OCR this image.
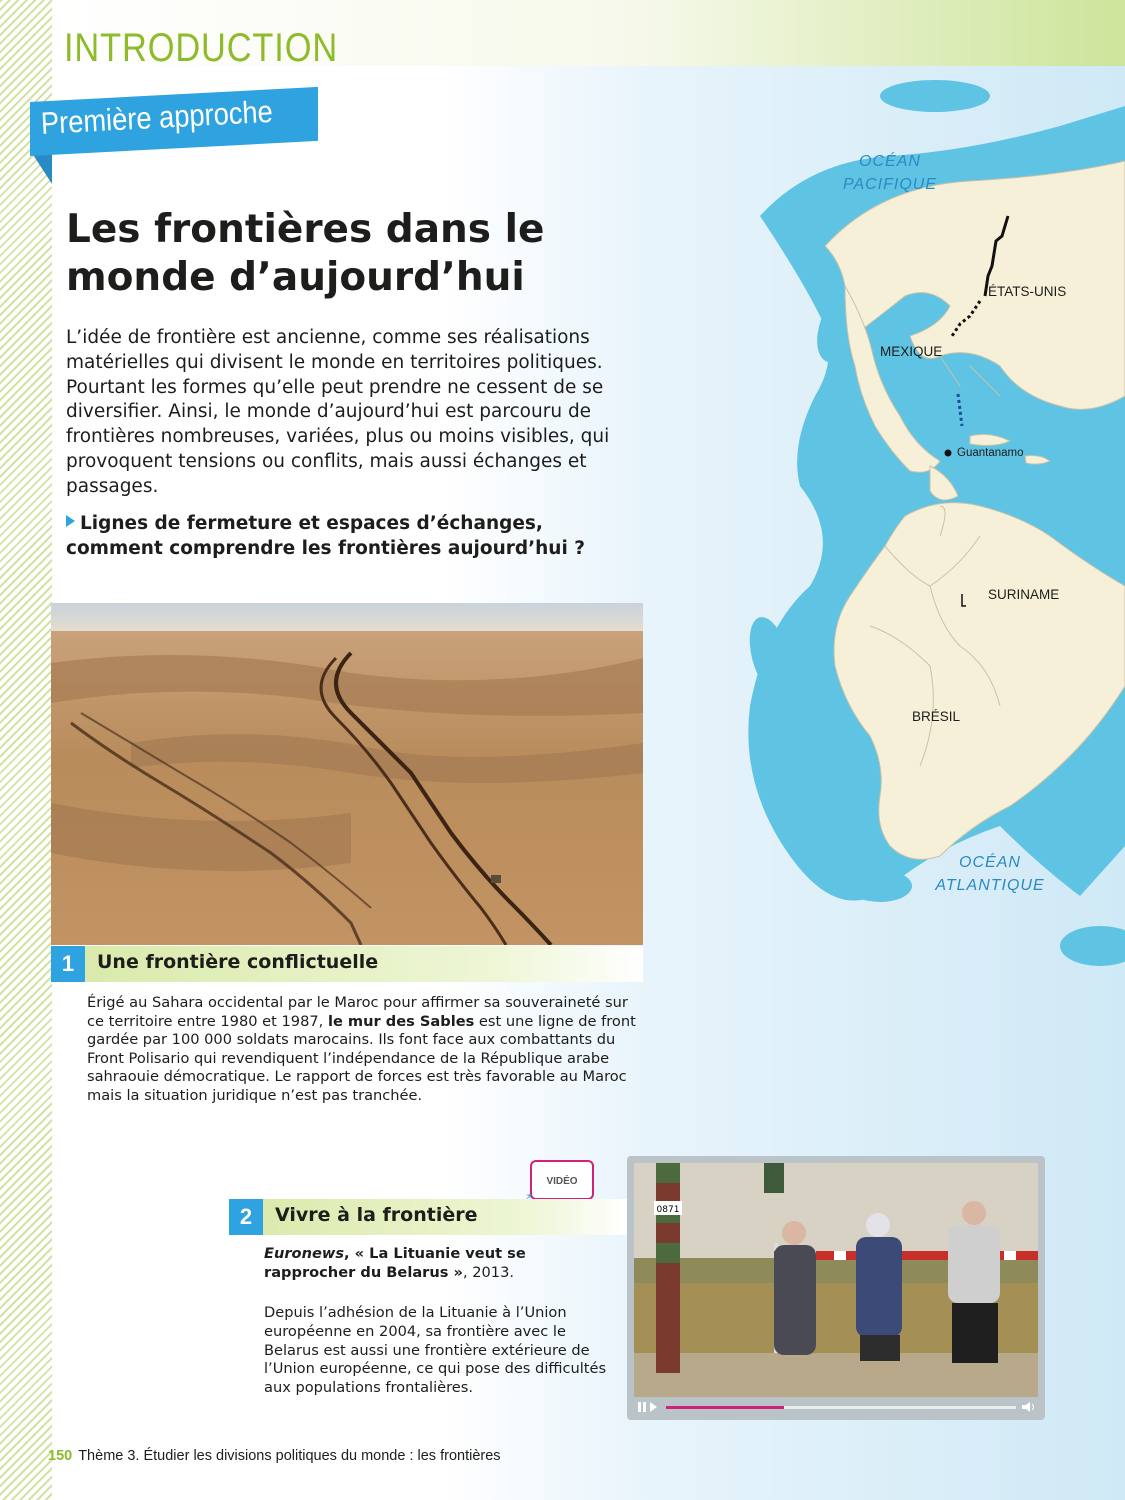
OCÉAN
PACIFIQUE
OCÉAN
ATLANTIQUE
ÉTATS-UNIS
MEXIQUE
Guantanamo
SURINAME
BRÉSIL
INTRODUCTION
Première approche
Les frontières dans le monde d’aujourd’hui

L’idée de frontière est ancienne, comme ses réalisations matérielles qui divisent le monde en territoires politiques. Pourtant les formes qu’elle peut prendre ne cessent de se diversifier. Ainsi, le monde d’aujourd’hui est parcouru de frontières nombreuses, variées, plus ou moins visibles, qui provoquent tensions ou conflits, mais aussi échanges et passages.

Lignes de fermeture et espaces d’échanges, comment comprendre les frontières aujourd’hui ?

1	Une frontière conflictuelle

Érigé au Sahara occidental par le Maroc pour affirmer sa souveraineté sur ce territoire entre 1980 et 1987, le mur des Sables est une ligne de front gardée par 100 000 soldats marocains. Ils font face aux combattants du Front Polisario qui revendiquent l’indépendance de la République arabe sahraouie démocratique. Le rapport de forces est très favorable au Maroc mais la situation juridique n’est pas tranchée.

VIDÉO
2	Vivre à la frontière

Euronews, « La Lituanie veut se rapprocher du Belarus », 2013.

Depuis l’adhésion de la Lituanie à l’Union européenne en 2004, sa frontière avec le Belarus est aussi une frontière extérieure de l’Union européenne, ce qui pose des difficultés aux populations frontalières.

0871
150 Thème 3. Étudier les divisions politiques du monde : les frontières
